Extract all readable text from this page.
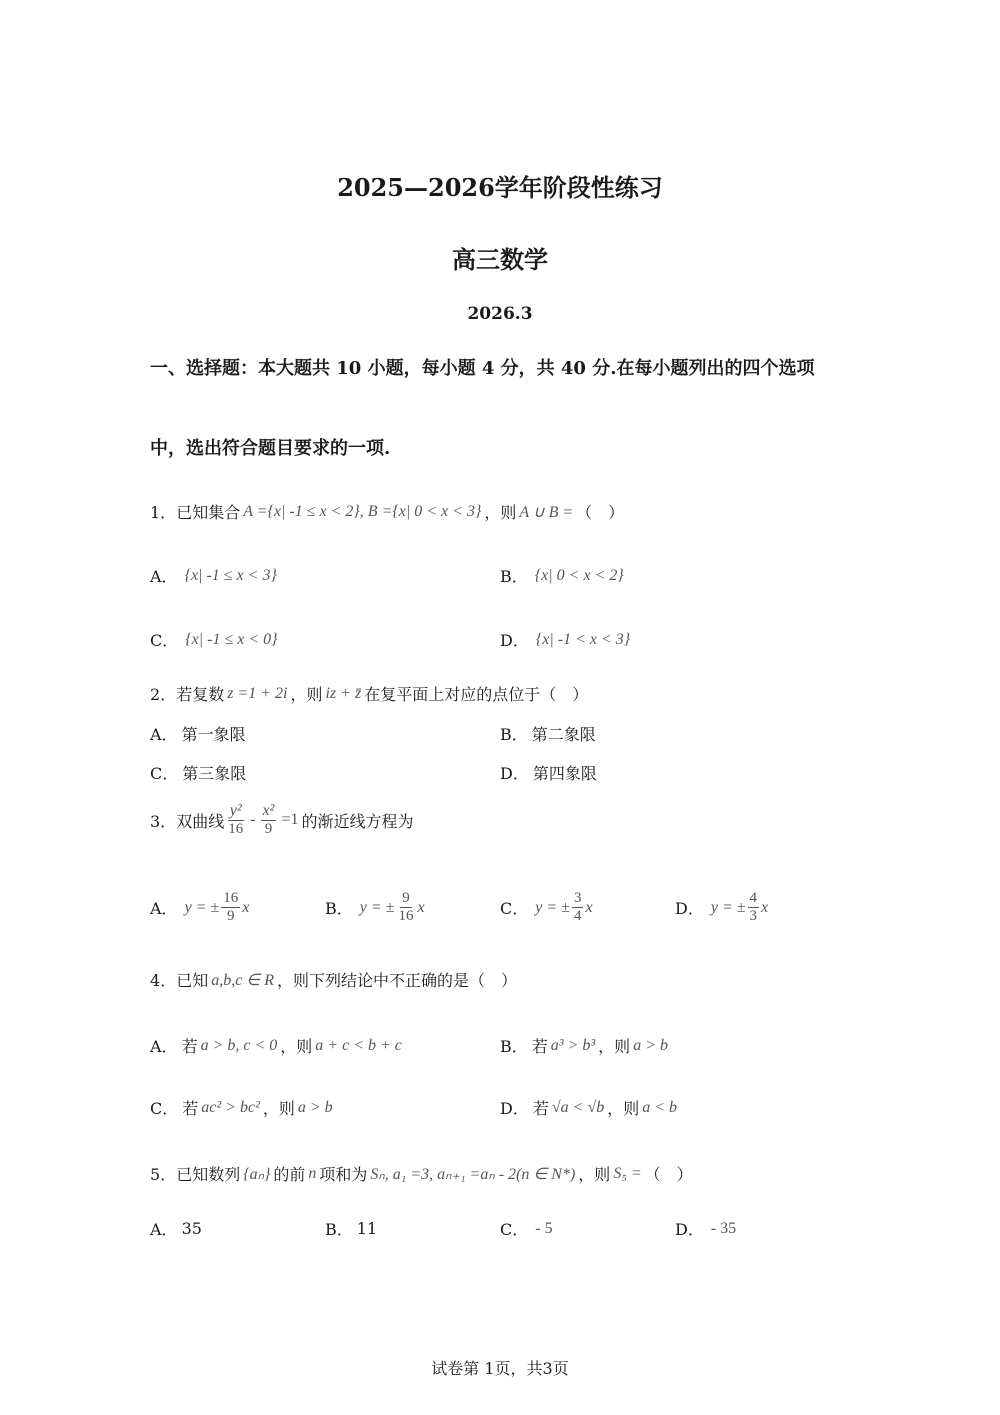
2025—2026学年阶段性练习
高三数学
2026.3
一、选择题：本大题共 10 小题，每小题 4 分，共 40 分.在每小题列出的四个选项
中，选出符合题目要求的一项.
1． 已知集合 A ={x| -1 ≤ x < 2}, B ={x| 0 < x < 3} ，则 A ∪ B = （　）
A． {x| -1 ≤ x < 3}	B． {x| 0 < x < 2}
C． {x| -1 ≤ x < 0}	D． {x| -1 < x < 3}
2． 若复数 z =1 + 2i ，则 iz + z̄ 在复平面上对应的点位于（　）
A． 第一象限	B． 第二象限
C． 第三象限	D． 第四象限
3． 双曲线 $\frac{\text{y²}}{16} - \frac{\text{x²}}{9} =1$ 的渐近线方程为
A． y = ± $\frac{16}{9}$ x	B． y = ± $\frac{9}{16}$ x	C． y = ± $\frac{3}{4}$ x	D． y = ± $\frac{4}{3}$ x
4． 已知 a,b,c ∈ R ，则下列结论中不正确的是（　）
A． 若 a > b, c < 0 ，则 a + c < b + c	B． 若 a³ > b³ ，则 a > b
C． 若 ac² > bc² ，则 a > b	D． 若 √a < √b ，则 a < b
5． 已知数列 {aₙ} 的前 n 项和为 Sₙ, a₁ =3, aₙ₊₁ =aₙ - 2(n ∈ N*) ，则 S₅ = （　）
A． 35	B． 11	C． - 5	D． - 35
试卷第 1页，共3页
